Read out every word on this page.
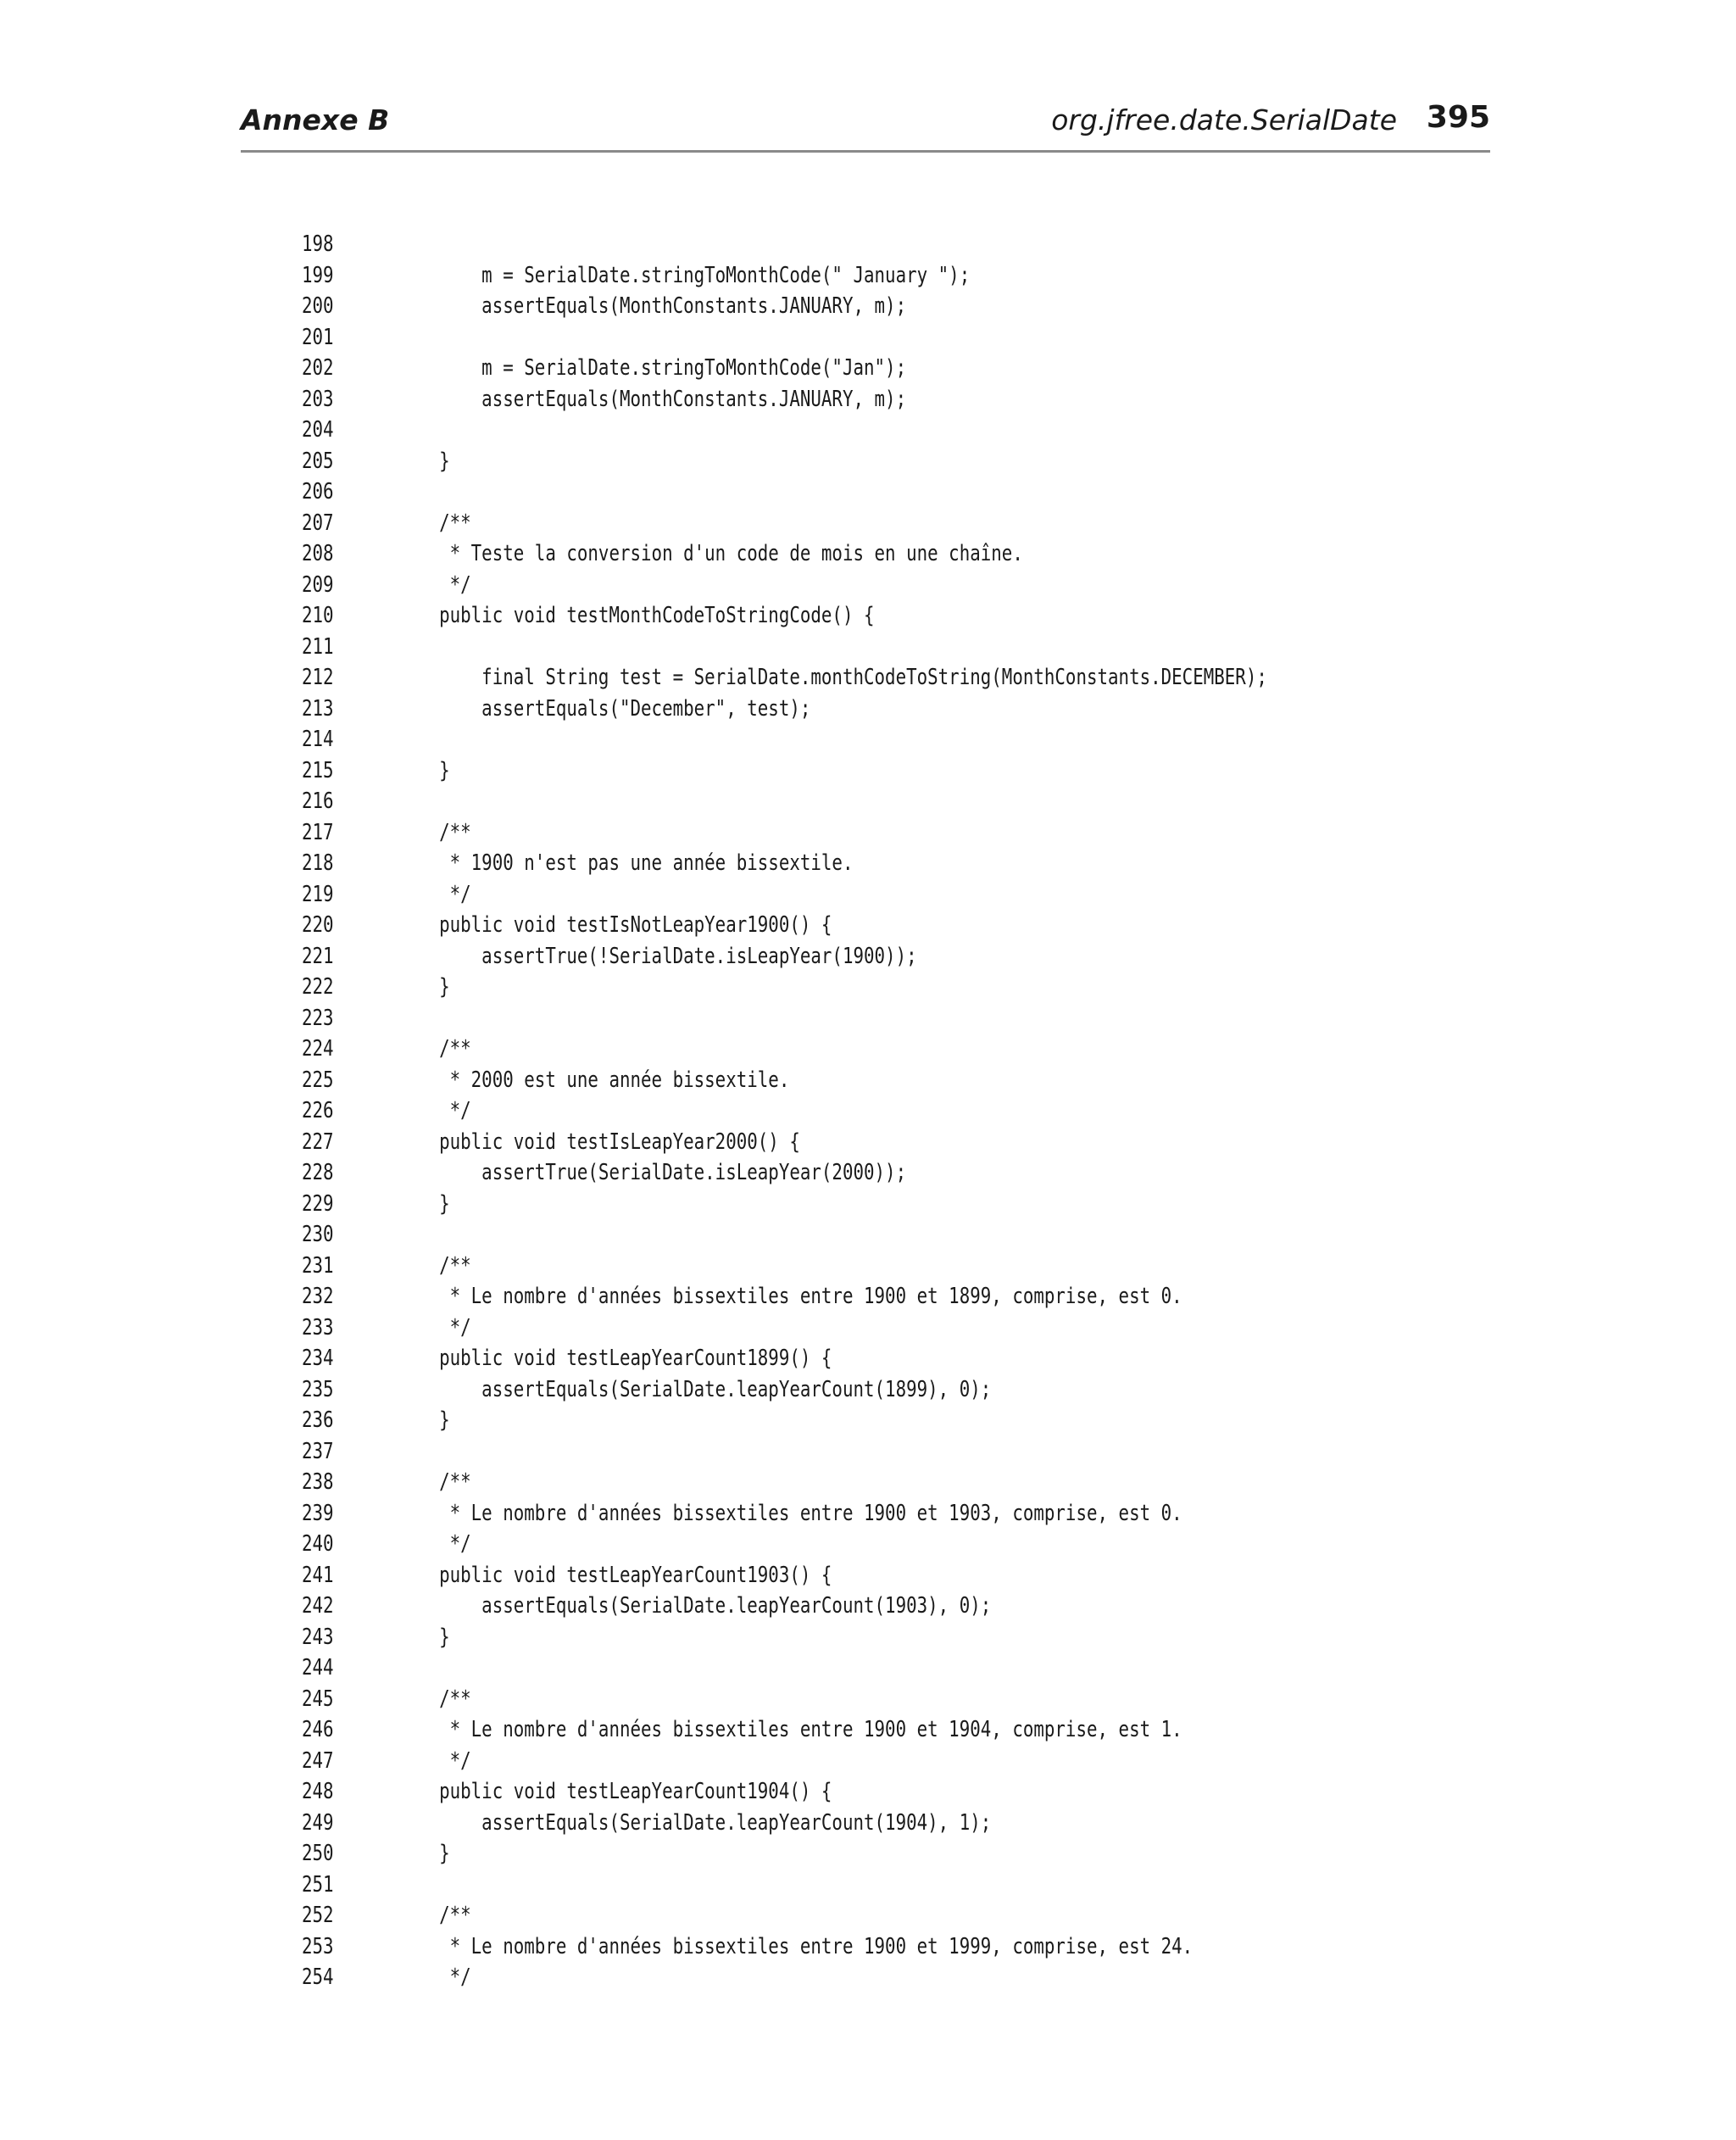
Annexe B	org.jfree.date.SerialDate 395
198
199	m = SerialDate.stringToMonthCode(" January ");
200	assertEquals(MonthConstants.JANUARY, m);
201
202	m = SerialDate.stringToMonthCode("Jan");
203	assertEquals(MonthConstants.JANUARY, m);
204
205	}
206
207	/**
208	* Teste la conversion d'un code de mois en une chaîne.
209	*/
210	public void testMonthCodeToStringCode() {
211
212	final String test = SerialDate.monthCodeToString(MonthConstants.DECEMBER);
213	assertEquals("December", test);
214
215	}
216
217	/**
218	* 1900 n'est pas une année bissextile.
219	*/
220	public void testIsNotLeapYear1900() {
221	assertTrue(!SerialDate.isLeapYear(1900));
222	}
223
224	/**
225	* 2000 est une année bissextile.
226	*/
227	public void testIsLeapYear2000() {
228	assertTrue(SerialDate.isLeapYear(2000));
229	}
230
231	/**
232	* Le nombre d'années bissextiles entre 1900 et 1899, comprise, est 0.
233	*/
234	public void testLeapYearCount1899() {
235	assertEquals(SerialDate.leapYearCount(1899), 0);
236	}
237
238	/**
239	* Le nombre d'années bissextiles entre 1900 et 1903, comprise, est 0.
240	*/
241	public void testLeapYearCount1903() {
242	assertEquals(SerialDate.leapYearCount(1903), 0);
243	}
244
245	/**
246	* Le nombre d'années bissextiles entre 1900 et 1904, comprise, est 1.
247	*/
248	public void testLeapYearCount1904() {
249	assertEquals(SerialDate.leapYearCount(1904), 1);
250	}
251
252	/**
253	* Le nombre d'années bissextiles entre 1900 et 1999, comprise, est 24.
254	*/
